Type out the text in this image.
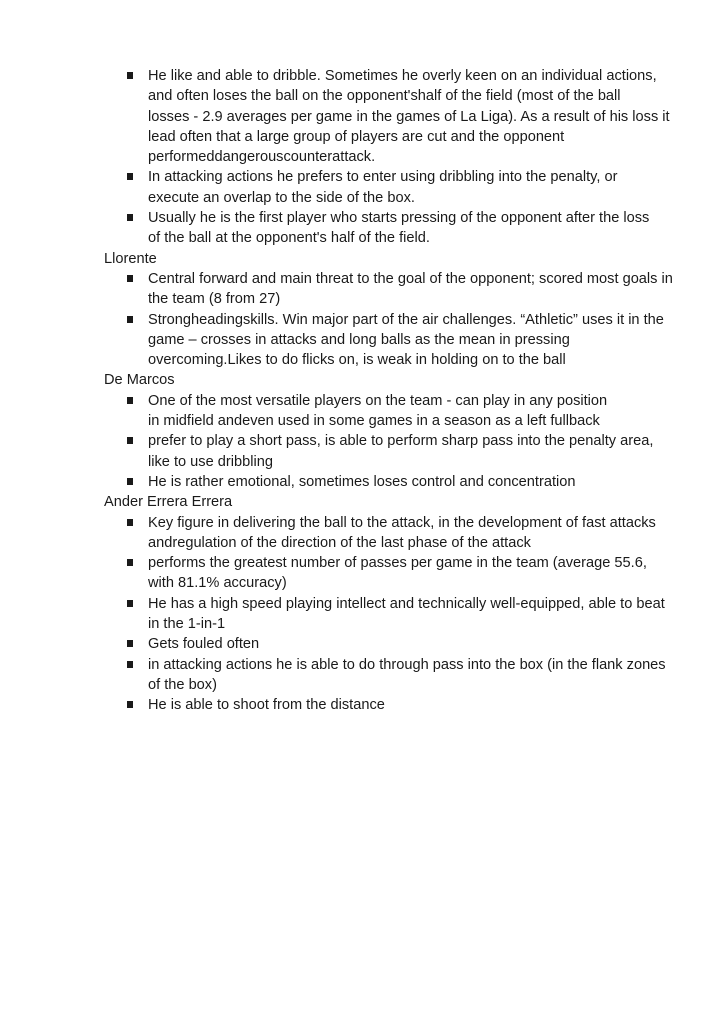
He like and able to dribble. Sometimes he overly keen on an individual actions,
and often loses the ball on the opponent'shalf of the field (most of the ball
losses - 2.9 averages per game in the games of La Liga). As a result of his loss it
lead often that a large group of players are cut and the opponent
performeddangerouscounterattack.
In attacking actions he prefers to enter using dribbling into the penalty, or
execute an overlap to the side of the box.
Usually he is the first player who starts pressing of the opponent after the loss
of the ball at the opponent's half of the field.
Llorente
Central forward and main threat to the goal of the opponent; scored most goals in
the team (8 from 27)
Strongheadingskills. Win major part of the air challenges. “Athletic” uses it in the
game – crosses in attacks and long balls as the mean in pressing
overcoming.Likes to do flicks on, is weak in holding on to the ball
De Marcos
One of the most versatile players on the team - can play in any position
in midfield andeven used in some games in a season as a left fullback
prefer to play a short pass, is able to perform sharp pass into the penalty area,
like to use dribbling
He is rather emotional, sometimes loses control and concentration
Ander Errera Errera
Key figure in delivering the ball to the attack, in the development of fast attacks
andregulation of the direction of the last phase of the attack
performs the greatest number of passes per game in the team (average 55.6,
with 81.1% accuracy)
He has a high speed playing intellect and technically well-equipped, able to beat
in the 1-in-1
Gets fouled often
in attacking actions he is able to do through pass into the box (in the flank zones
of the box)
He is able to shoot from the distance
